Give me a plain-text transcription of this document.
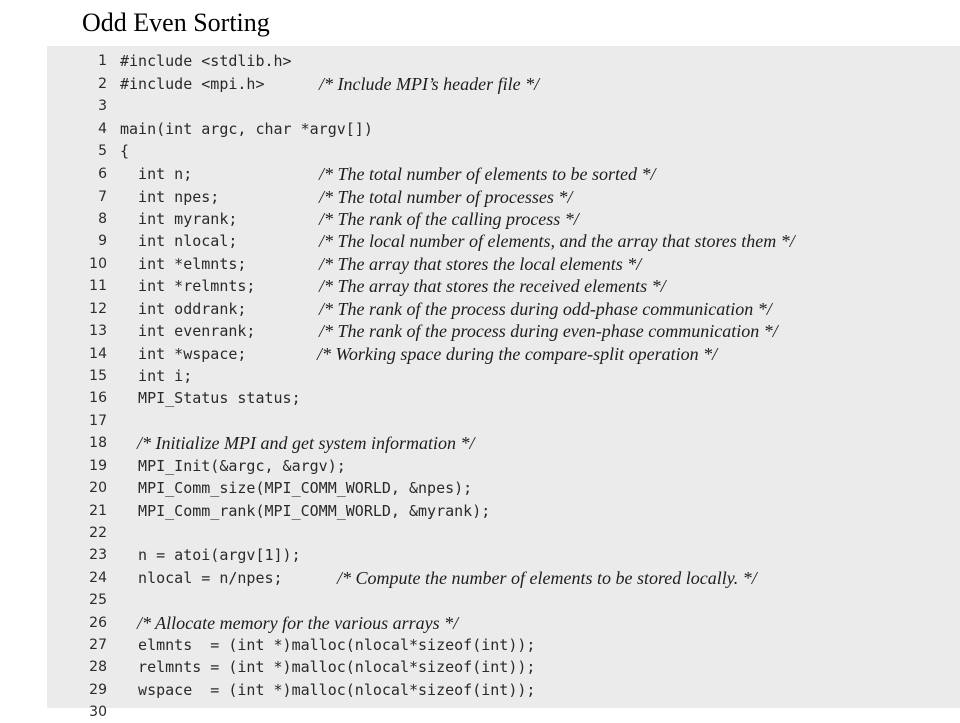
Odd Even Sorting
1 #include <stdlib.h>
2 #include <mpi.h>	/* Include MPI’s header file */
3
4 main(int argc, char *argv[])
5 {
6 int n;	/* The total number of elements to be sorted */
7 int npes;	/* The total number of processes */
8 int myrank;	/* The rank of the calling process */
9 int nlocal;	/* The local number of elements, and the array that stores them */
10 int *elmnts;	/* The array that stores the local elements */
11 int *relmnts;	/* The array that stores the received elements */
12 int oddrank;	/* The rank of the process during odd-phase communication */
13 int evenrank;	/* The rank of the process during even-phase communication */
14 int *wspace;	/* Working space during the compare-split operation */
15 int i;
16 MPI_Status status;
17
18 /* Initialize MPI and get system information */
19 MPI_Init(&argc, &argv);
20 MPI_Comm_size(MPI_COMM_WORLD, &npes);
21 MPI_Comm_rank(MPI_COMM_WORLD, &myrank);
22
23 n = atoi(argv[1]);
24 nlocal = n/npes;	/* Compute the number of elements to be stored locally. */
25
26 /* Allocate memory for the various arrays */
27 elmnts  = (int *)malloc(nlocal*sizeof(int));
28 relmnts = (int *)malloc(nlocal*sizeof(int));
29 wspace  = (int *)malloc(nlocal*sizeof(int));
30
